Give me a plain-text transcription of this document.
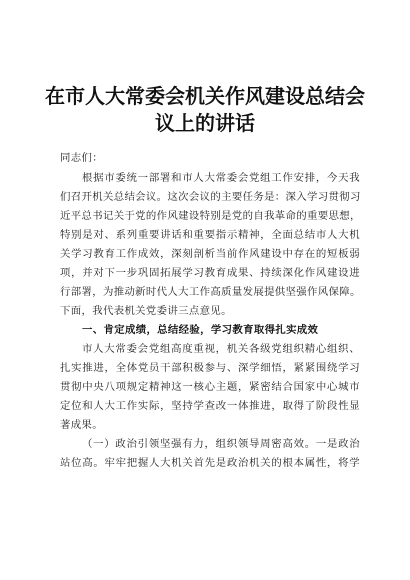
在市人大常委会机关作风建设总结会
议上的讲话
同志们：
根据市委统一部署和市人大常委会党组工作安排，今天我
们召开机关总结会议。这次会议的主要任务是：深入学习贯彻习
近平总书记关于党的作风建设特别是党的自我革命的重要思想，
特别是对、系列重要讲话和重要指示精神，全面总结市人大机
关学习教育工作成效，深刻剖析当前作风建设中存在的短板弱
项，并对下一步巩固拓展学习教育成果、持续深化作风建设进
行部署，为推动新时代人大工作高质量发展提供坚强作风保障。
下面，我代表机关党委讲三点意见。
一、肯定成绩，总结经验，学习教育取得扎实成效
市人大常委会党组高度重视，机关各级党组织精心组织、
扎实推进，全体党员干部积极参与、深学细悟，紧紧围绕学习
贯彻中央八项规定精神这一核心主题，紧密结合国家中心城市
定位和人大工作实际，坚持学查改一体推进，取得了阶段性显
著成果。
（一）政治引领坚强有力，组织领导周密高效。一是政治
站位高。牢牢把握人大机关首先是政治机关的根本属性，将学
